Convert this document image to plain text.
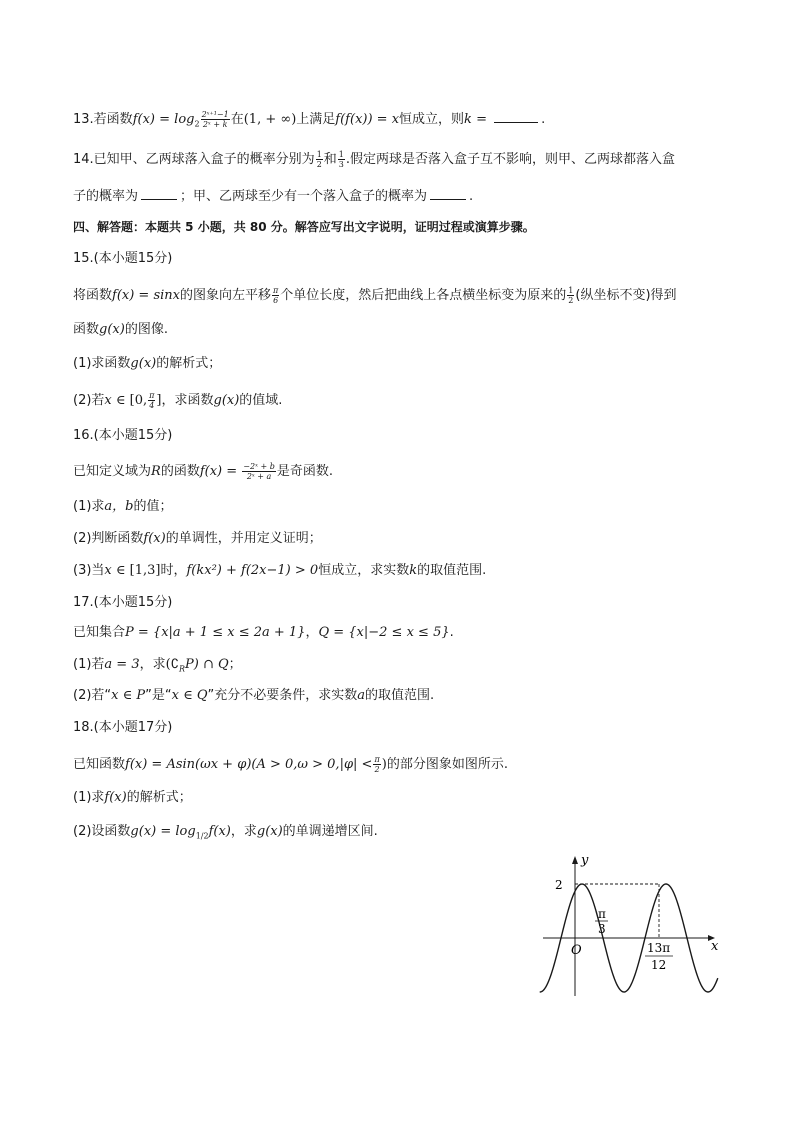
13.若函数$f(x) = \log_2 \frac{\text{2ˣ⁺¹−1}}{\text{2ˣ + k}}$ 在(1, + ∞)上满足f(f(x)) = x恒成立，则k =	.
14.已知甲、乙两球落入盒子的概率分别为 $\frac{1}{2}$ 和 $\frac{1}{3}$ .假定两球是否落入盒子互不影响，则甲、乙两球都落入盒
子的概率为	；甲、乙两球至少有一个落入盒子的概率为	.
四、解答题：本题共 5 小题，共 80 分。解答应写出文字说明，证明过程或演算步骤。
15.(本小题15分)
将函数f(x) = sinx的图象向左平移 $\frac{\pi}{6}$ 个单位长度，然后把曲线上各点横坐标变为原来的 $\frac{1}{2}$ (纵坐标不变)得到
函数g(x)的图像.
(1)求函数g(x)的解析式；
(2)若x ∈ [0, $\frac{\pi}{4}$ ]，求函数g(x)的值域.
16.(本小题15分)
已知定义域为R的函数$f(x) = \frac{\text{−2ˣ + b}}{\text{2ˣ + a}}$ 是奇函数.
(1)求a，b的值；
(2)判断函数f(x)的单调性，并用定义证明；
(3)当x ∈ [1,3]时，f(kx²) + f(2x−1) > 0恒成立，求实数k的取值范围.
17.(本小题15分)
已知集合P = {x|a + 1 ≤ x ≤ 2a + 1}，Q = {x|−2 ≤ x ≤ 5}.
(1)若a = 3，求$(∁_RP)$ ∩ Q；
(2)若“x ∈ P”是“x ∈ Q”充分不必要条件，求实数a的取值范围.
18.(本小题17分)
已知函数$f(x) = Asin(\omega x + \varphi)(A > 0,\omega > 0,|\varphi| < \frac{\pi}{2}$ )的部分图象如图所示.
(1)求f(x)的解析式；
(2)设函数$g(x) = \log_{1/2}f(x)$，求g(x)的单调递增区间.
y
x
O
2
π
3
13π
12
